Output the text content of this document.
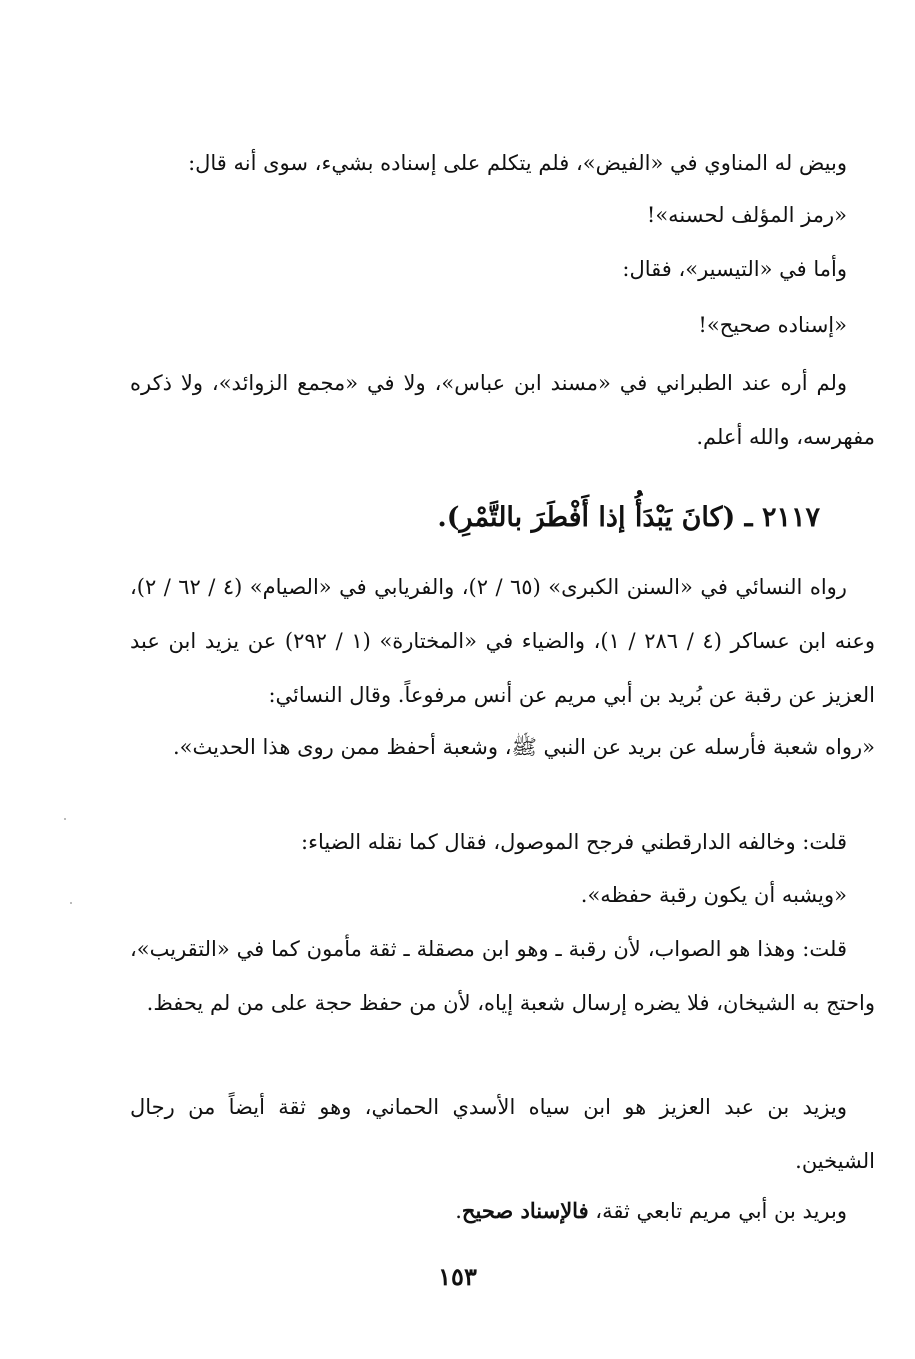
وبيض له المناوي في «الفيض»، فلم يتكلم على إسناده بشيء، سوى أنه قال:
«رمز المؤلف لحسنه»!
وأما في «التيسير»، فقال:
«إسناده صحيح»!
ولم أره عند الطبراني في «مسند ابن عباس»، ولا في «مجمع الزوائد»، ولا ذكره مفهرسه، والله أعلم.
٢١١٧ ـ (كانَ يَبْدَأُ إذا أَفْطَرَ بالتَّمْرِ).
رواه النسائي في «السنن الكبرى» (٦٥ / ٢)، والفريابي في «الصيام» (٤ / ٦٢ / ٢)، وعنه ابن عساكر (٤ / ٢٨٦ / ١)، والضياء في «المختارة» (١ / ٢٩٢) عن يزيد ابن عبد العزيز عن رقبة عن بُريد بن أبي مريم عن أنس مرفوعاً. وقال النسائي:
«رواه شعبة فأرسله عن بريد عن النبي ﷺ، وشعبة أحفظ ممن روى هذا الحديث».
قلت: وخالفه الدارقطني فرجح الموصول، فقال كما نقله الضياء:
«ويشبه أن يكون رقبة حفظه».
قلت: وهذا هو الصواب، لأن رقبة ـ وهو ابن مصقلة ـ ثقة مأمون كما في «التقريب»، واحتج به الشيخان، فلا يضره إرسال شعبة إياه، لأن من حفظ حجة على من لم يحفظ.
ويزيد بن عبد العزيز هو ابن سياه الأسدي الحماني، وهو ثقة أيضاً من رجال الشيخين.
وبريد بن أبي مريم تابعي ثقة، فالإسناد صحيح.
١٥٣
